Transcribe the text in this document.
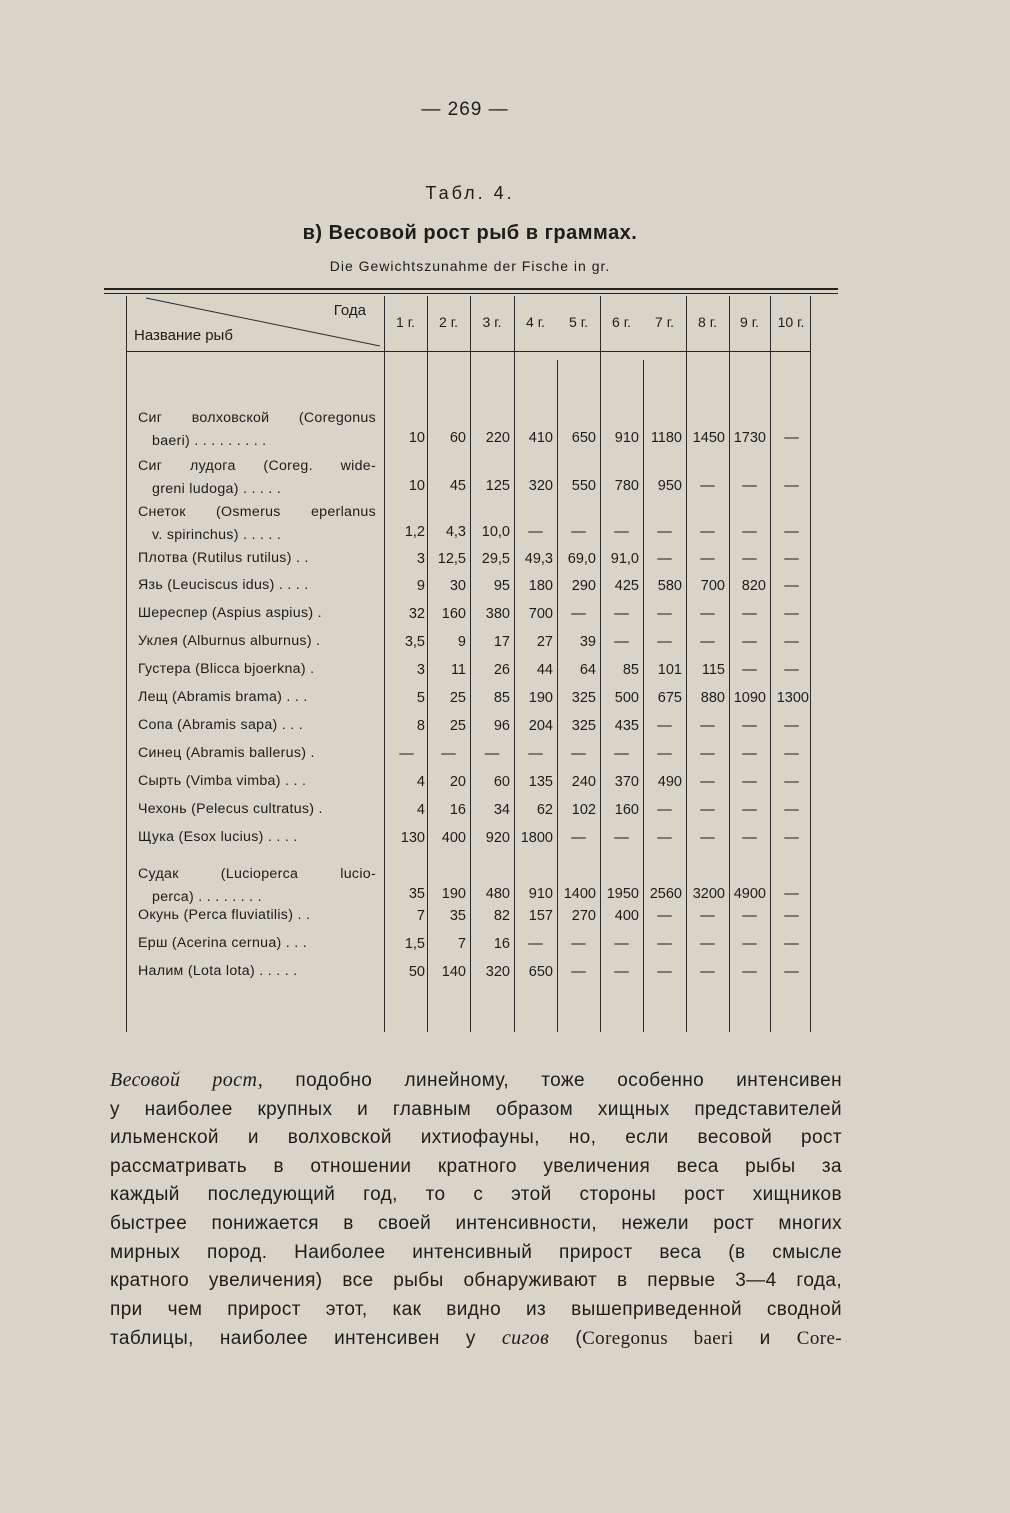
— 269 —
Табл. 4.
в) Весовой рост рыб в граммах.
Die Gewichtszunahme der Fische in gr.
Года
Название рыб
1 г.	2 г.	3 г.	4 г.	5 г.	6 г.	7 г.	8 г.	9 г.	10 г.
Сиг волховской (Coregonus
baeri) . . . . . . . . .	10	60	220	410	650	910 1180 1450 1730	—
Сиг лудога (Coreg. wide-
greni ludoga) . . . . .	10	45	125	320	550	780	950	—	—	—
Снеток (Osmerus eperlanus
v. spirinchus) . . . . .	1,2	4,3	10,0	—	—	—	—	—	—	—
Плотва (Rutilus rutilus) . .	3 12,5	29,5	49,3	69,0	91,0	—	—	—	—
Язь (Leuciscus idus) . . . .	9	30	95	180	290	425	580	700	820	—
Шереспер (Aspius aspius) .	32	160	380	700	—	—	—	—	—	—
Уклея (Alburnus alburnus) .	3,5	9	17	27	39	—	—	—	—	—
Густера (Blicca bjoerkna) .	3	11	26	44	64	85	101	115	—	—
Лещ (Abramis brama) . . .	5	25	85	190	325	500	675	880 1090 1300
Сопа (Abramis sapa) . . .	8	25	96	204	325	435	—	—	—	—
Синец (Abramis ballerus) .	—	—	—	—	—	—	—	—	—	—
Сырть (Vimba vimba) . . .	4	20	60	135	240	370	490	—	—	—
Чехонь (Pelecus cultratus) .	4	16	34	62	102	160	—	—	—	—
Щука (Esox lucius) . . . .	130	400	920 1800	—	—	—	—	—	—
Судак (Lucioperca lucio-
perca) . . . . . . . .	35	190	480	910 1400 1950 2560 3200 4900	—
Окунь (Perca fluviatilis) . .	7	35	82	157	270	400	—	—	—	—
Ерш (Acerina cernua) . . .	1,5	7	16	—	—	—	—	—	—	—
Налим (Lota lota) . . . . .	50	140	320	650	—	—	—	—	—	—
Весовой рост, подобно линейному, тоже особенно интенсивен
у наиболее крупных и главным образом хищных представителей
ильменской и волховской ихтиофауны, но, если весовой рост
рассматривать в отношении кратного увеличения веса рыбы за
каждый последующий год, то с этой стороны рост хищников
быстрее понижается в своей интенсивности, нежели рост многих
мирных пород. Наиболее интенсивный прирост веса (в смысле
кратного увеличения) все рыбы обнаруживают в первые 3—4 года,
при чем прирост этот, как видно из вышеприведенной сводной
таблицы, наиболее интенсивен у сигов (Coregonus baeri и Core-
